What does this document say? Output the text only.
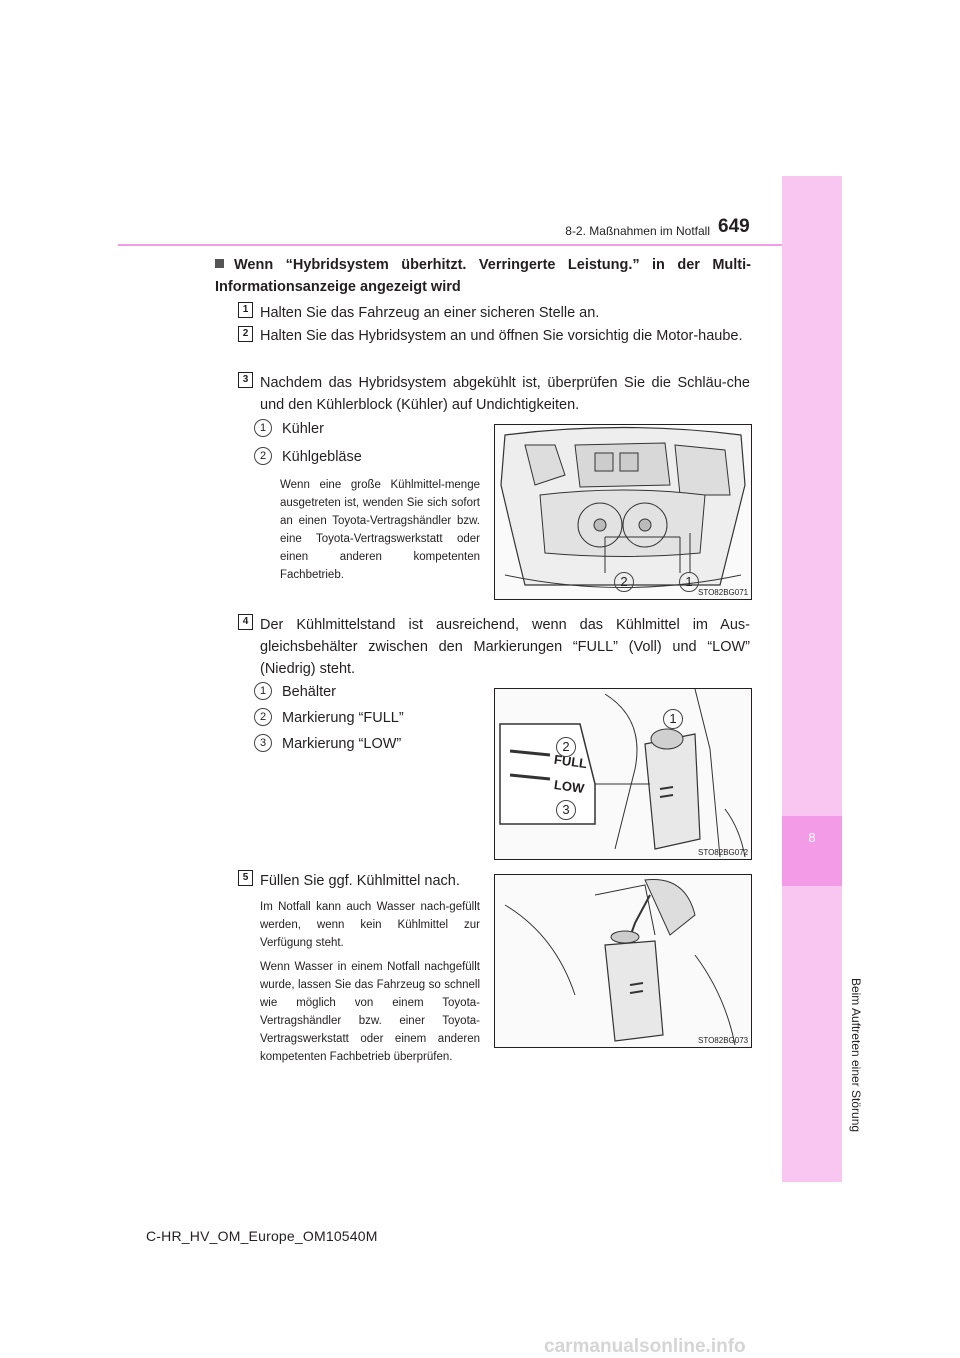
8
Beim Auftreten einer Störung
8-2. Maßnahmen im Notfall 649
Wenn “Hybridsystem überhitzt. Verringerte Leistung.” in der Multi-Informationsanzeige angezeigt wird
1 Halten Sie das Fahrzeug an einer sicheren Stelle an.
2 Halten Sie das Hybridsystem an und öffnen Sie vorsichtig die Motor-haube.
3 Nachdem das Hybridsystem abgekühlt ist, überprüfen Sie die Schläu-che und den Kühlerblock (Kühler) auf Undichtigkeiten.
1	Kühler
2	Kühlgebläse
Wenn eine große Kühlmittel-menge ausgetreten ist, wenden Sie sich sofort an einen Toyota-Vertragshändler bzw. eine Toyota-Vertragswerkstatt oder einen anderen kompetenten Fachbetrieb.	2	1
STO82BG071
4 Der Kühlmittelstand ist ausreichend, wenn das Kühlmittel im Aus-gleichsbehälter zwischen den Markierungen “FULL” (Voll) und “LOW” (Niedrig) steht.
1	Behälter
2	Markierung “FULL”
3	Markierung “LOW”
FULL
LOW
1
2
3
STO82BG072
5 Füllen Sie ggf. Kühlmittel nach.
Im Notfall kann auch Wasser nach-gefüllt werden, wenn kein Kühlmittel zur Verfügung steht.
Wenn Wasser in einem Notfall nachgefüllt wurde, lassen Sie das Fahrzeug so schnell wie möglich von einem Toyota-Vertragshändler bzw. einer Toyota-Vertragswerkstatt oder einem anderen kompetenten Fachbetrieb überprüfen.
STO82BG073
C-HR_HV_OM_Europe_OM10540M
carmanualsonline.info
